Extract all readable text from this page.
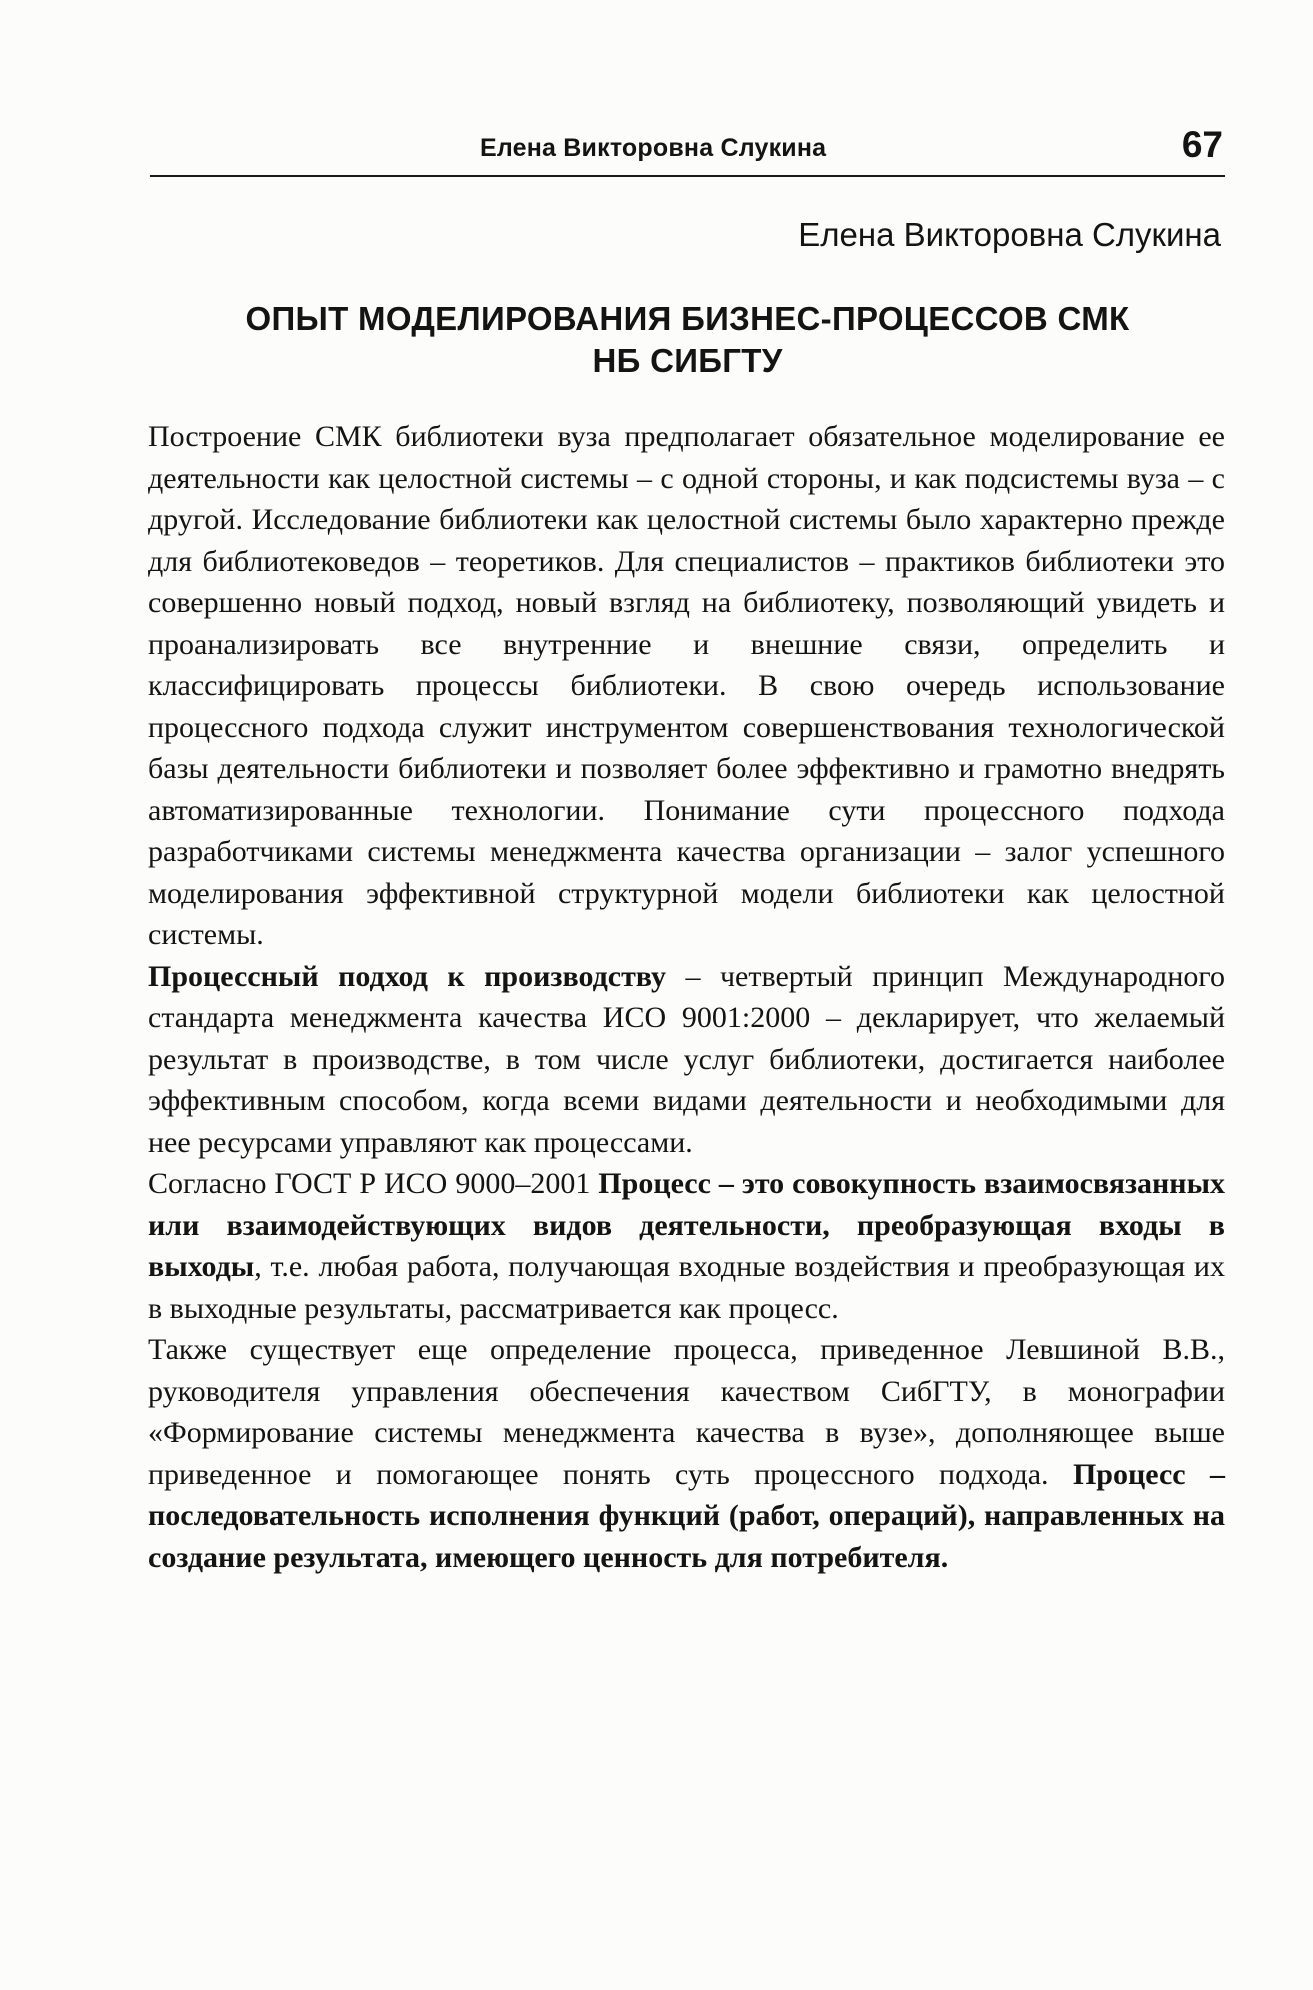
Елена Викторовна Слукина	67
Елена Викторовна Слукина
ОПЫТ МОДЕЛИРОВАНИЯ БИЗНЕС-ПРОЦЕССОВ СМК
НБ СИБГТУ

Построение СМК библиотеки вуза предполагает обязательное моделирование ее деятельности как целостной системы – с одной стороны, и как подсистемы вуза – с другой. Исследование библиотеки как целостной системы было характерно прежде для библиотековедов – теоретиков. Для специалистов – практиков библиотеки это совершенно новый подход, новый взгляд на библиотеку, позволяющий увидеть и проанализировать все внутренние и внешние связи, определить и классифицировать процессы библиотеки. В свою очередь использование процессного подхода служит инструментом совершенствования технологической базы деятельности библиотеки и позволяет более эффективно и грамотно внедрять автоматизированные технологии. Понимание сути процессного подхода разработчиками системы менеджмента качества организации – залог успешного моделирования эффективной структурной модели библиотеки как целостной системы.

Процессный подход к производству – четвертый принцип Международного стандарта менеджмента качества ИСО 9001:2000 – декларирует, что желаемый результат в производстве, в том числе услуг библиотеки, достигается наиболее эффективным способом, когда всеми видами деятельности и необходимыми для нее ресурсами управляют как процессами.

Согласно ГОСТ Р ИСО 9000–2001 Процесс – это совокупность взаимосвязанных или взаимодействующих видов деятельности, преобразующая входы в выходы, т.е. любая работа, получающая входные воздействия и преобразующая их в выходные результаты, рассматривается как процесс.

Также существует еще определение процесса, приведенное Левшиной В.В., руководителя управления обеспечения качеством СибГТУ, в монографии «Формирование системы менеджмента качества в вузе», дополняющее выше приведенное и помогающее понять суть процессного подхода. Процесс – последовательность исполнения функций (работ, операций), направленных на создание результата, имеющего ценность для потребителя.
